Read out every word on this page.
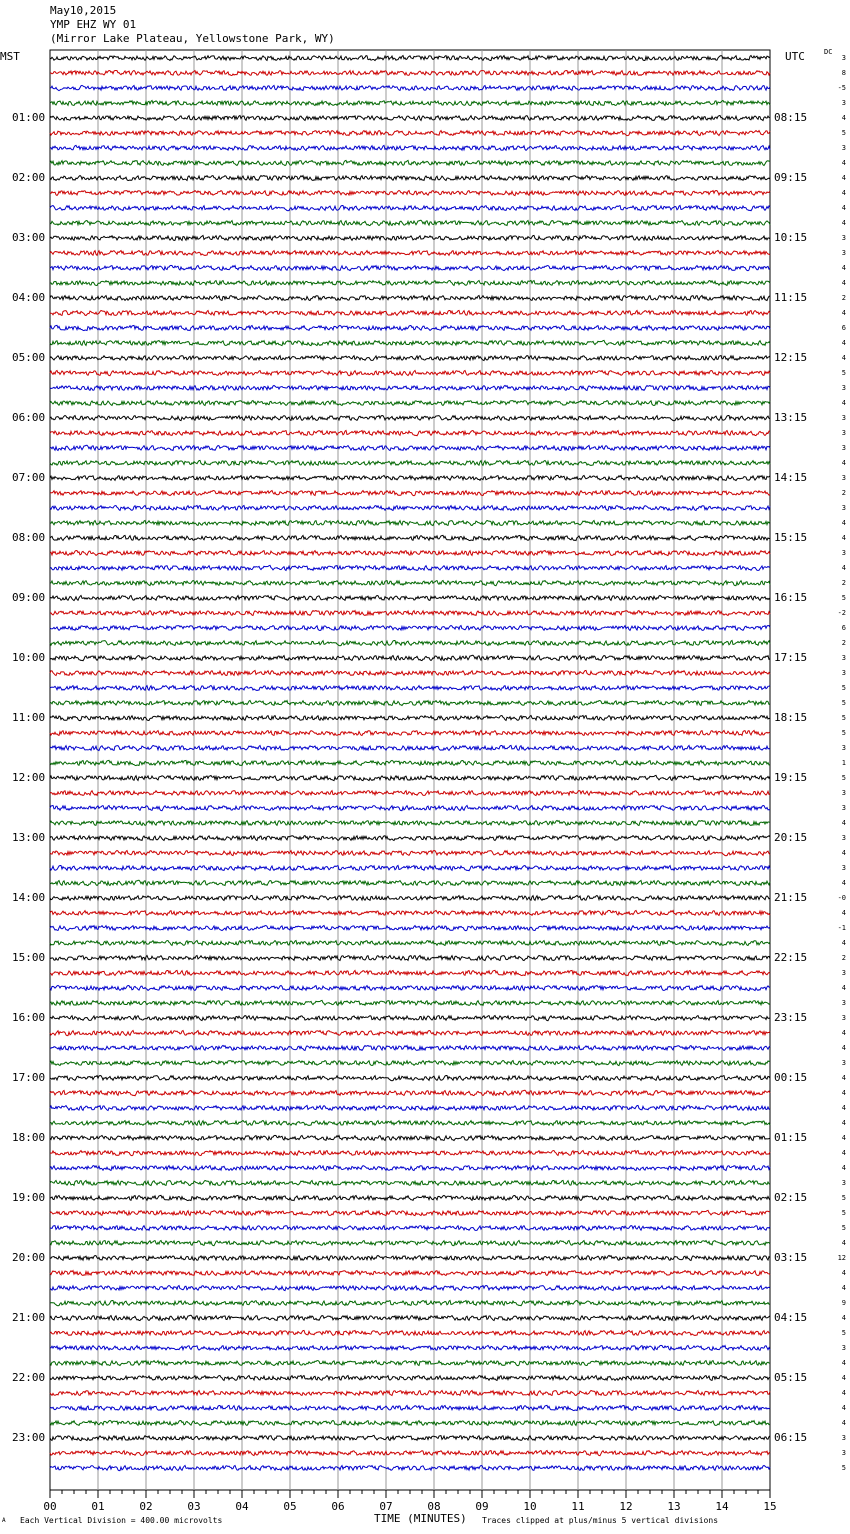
May10,2015
YMP EHZ WY 01
(Mirror Lake Plateau, Yellowstone Park, WY)
MST	UTC	DC
01:00
02:00
03:00
04:00
05:00
06:00
07:00
08:00
09:00
10:00
11:00
12:00
13:00
14:00
15:00
16:00
17:00
18:00
19:00
20:00
21:00
22:00
23:00
08:15
09:15
10:15
11:15
12:15
13:15
14:15
15:15
16:15
17:15
18:15
19:15
20:15
21:15
22:15
23:15
00:15
01:15
02:15
03:15
04:15
05:15
06:15
3
8
-5
3
4
5
3
4
4
4
4
4
3
3
4
4
2
4
6
4
4
5
3
4
3
3
3
4
3
2
3
4
4
3
4
2
5
-2
6
2
3
3
5
5
5
5
3
1
5
3
3
4
3
4
3
4
-0
4
-1
4
2
3
4
3
3
4
4
3
4
4
4
4
4
4
4
3
5
5
5
4
12
4
4
9
4
5
3
4
4
4
4
4
3
3
5
00	01	02	03	04	05	06	07	08	09	10	11	12	13	14	15
A Each Vertical Division = 400.00 microvolts	TIME (MINUTES) Traces clipped at plus/minus 5 vertical divisions
